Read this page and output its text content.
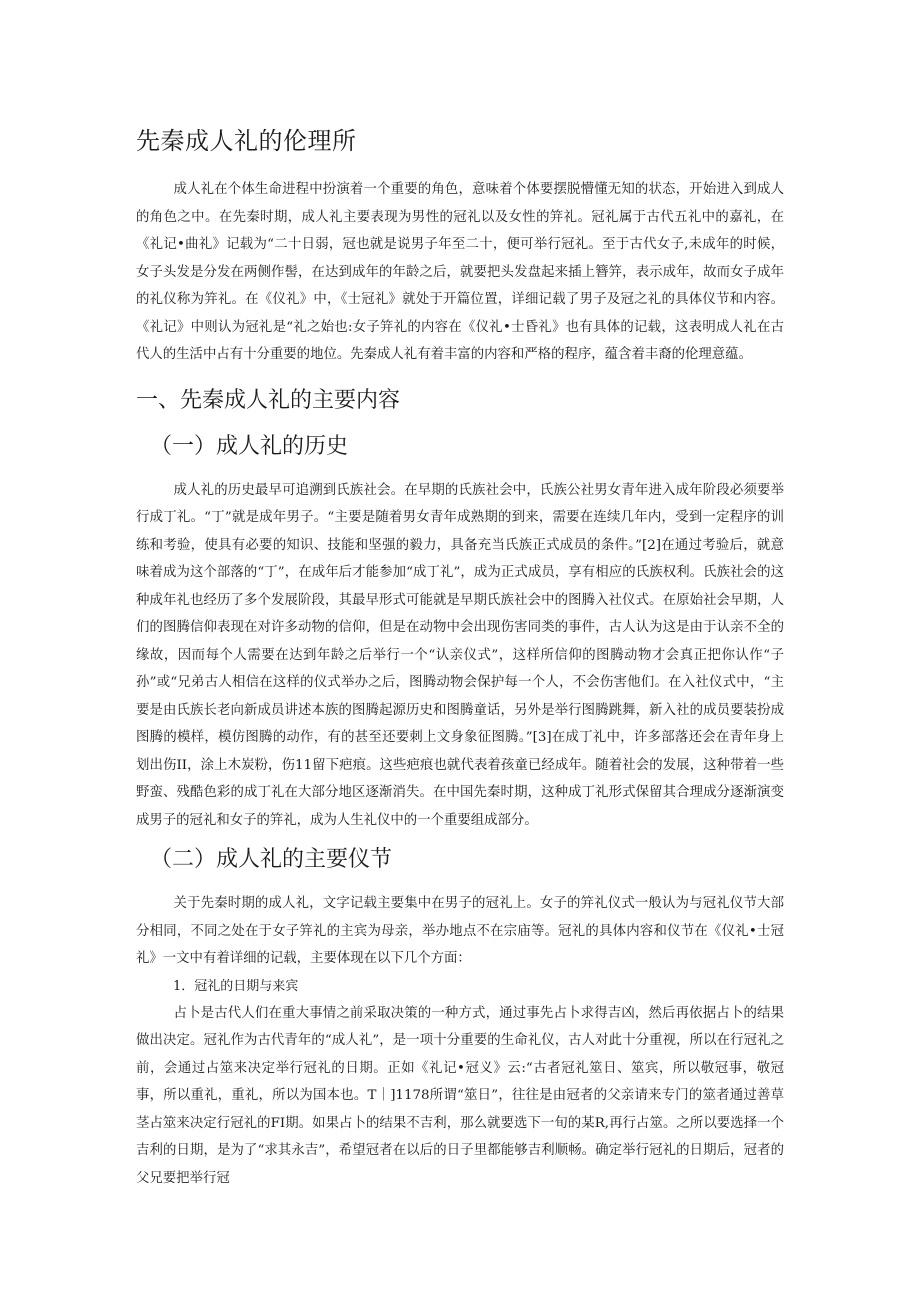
先秦成人礼的伦理所

成人礼在个体生命进程中扮演着一个重要的角色，意味着个体要摆脱懵懂无知的状态，开始进入到成人的角色之中。在先秦时期，成人礼主要表现为男性的冠礼以及女性的笄礼。冠礼属于古代五礼中的嘉礼，在《礼记•曲礼》记载为“二十日弱，冠也就是说男子年至二十，便可举行冠礼。至于古代女子,未成年的时候，女子头发是分发在两侧作髻，在达到成年的年龄之后，就要把头发盘起来插上簪笄，表示成年，故而女子成年的礼仪称为笄礼。在《仪礼》中，《士冠礼》就处于开篇位置，详细记载了男子及冠之礼的具体仪节和内容。《礼记》中则认为冠礼是“礼之始也:女子笄礼的内容在《仪礼•士昏礼》也有具体的记载，这表明成人礼在古代人的生活中占有十分重要的地位。先秦成人礼有着丰富的内容和严格的程序，蕴含着丰裔的伦理意蕴。

一、先秦成人礼的主要内容
（一）成人礼的历史

成人礼的历史最早可追溯到氏族社会。在早期的氏族社会中，氏族公社男女青年进入成年阶段必须要举行成丁礼。“丁”就是成年男子。“主要是随着男女青年成熟期的到来，需要在连续几年内，受到一定程序的训练和考验，使具有必要的知识、技能和坚强的毅力，具备充当氏族正式成员的条件。”[2]在通过考验后，就意味着成为这个部落的“丁”，在成年后才能参加“成丁礼”，成为正式成员，享有相应的氏族权利。氏族社会的这种成年礼也经历了多个发展阶段，其最早形式可能就是早期氏族社会中的图腾入社仪式。在原始社会早期，人们的图腾信仰表现在对许多动物的信仰，但是在动物中会出现伤害同类的事件，古人认为这是由于认亲不全的缘故，因而每个人需要在达到年龄之后举行一个“认亲仪式”，这样所信仰的图腾动物才会真正把你认作“子孙”或“兄弟古人相信在这样的仪式举办之后，图腾动物会保护每一个人，不会伤害他们。在入社仪式中，“主要是由氏族长老向新成员讲述本族的图腾起源历史和图腾童话，另外是举行图腾跳舞，新入社的成员要装扮成图腾的模样，模仿图腾的动作，有的甚至还要刺上文身象征图腾。”[3]在成丁礼中，许多部落还会在青年身上划出伤II，涂上木炭粉，伤11留下疤痕。这些疤痕也就代表着孩童已经成年。随着社会的发展，这种带着一些野蛮、残酷色彩的成丁礼在大部分地区逐渐消失。在中国先秦时期，这种成丁礼形式保留其合理成分逐渐演变成男子的冠礼和女子的笄礼，成为人生礼仪中的一个重要组成部分。

（二）成人礼的主要仪节

关于先秦时期的成人礼，文字记载主要集中在男子的冠礼上。女子的笄礼仪式一般认为与冠礼仪节大部分相同，不同之处在于女子笄礼的主宾为母亲，举办地点不在宗庙等。冠礼的具体内容和仪节在《仪礼•士冠礼》一文中有着详细的记载，主要体现在以下几个方面：

1．冠礼的日期与来宾

占卜是古代人们在重大事情之前采取决策的一种方式，通过事先占卜求得吉凶，然后再依据占卜的结果做出决定。冠礼作为古代青年的“成人礼”，是一项十分重要的生命礼仪，古人对此十分重视，所以在行冠礼之前，会通过占筮来决定举行冠礼的日期。正如《礼记•冠义》云:“古者冠礼筮日、筮宾，所以敬冠事，敬冠事，所以重礼，重礼，所以为国本也。T｜]1178所谓“筮日”，往往是由冠者的父亲请来专门的筮者通过善草茎占筮来决定行冠礼的FI期。如果占卜的结果不吉利，那么就要选下一旬的某R,再行占筮。之所以要选择一个吉利的日期，是为了“求其永吉”，希望冠者在以后的日子里都能够吉利顺畅。确定举行冠礼的日期后，冠者的父兄要把举行冠
